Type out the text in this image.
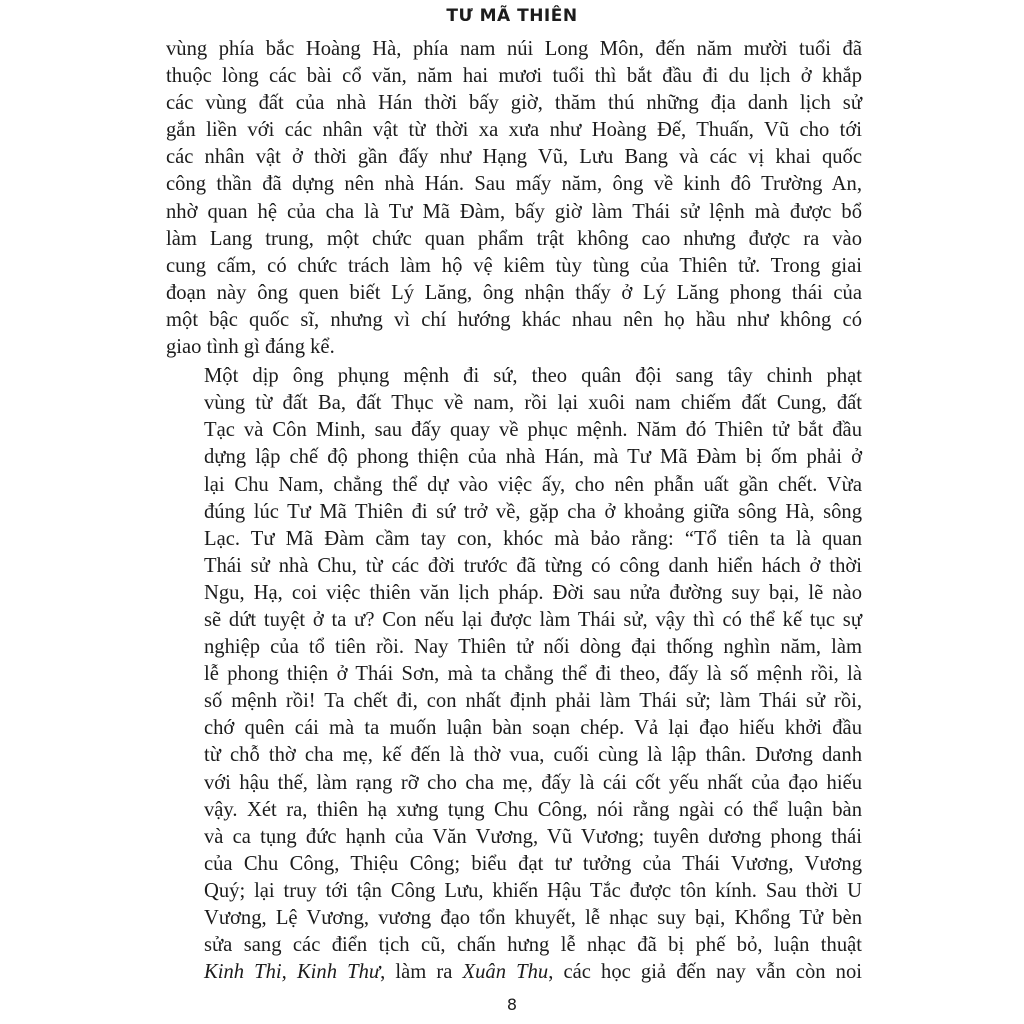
TƯ MÃ THIÊN

vùng phía bắc Hoàng Hà, phía nam núi Long Môn, đến năm mười tuổi đã
thuộc lòng các bài cổ văn, năm hai mươi tuổi thì bắt đầu đi du lịch ở khắp
các vùng đất của nhà Hán thời bấy giờ, thăm thú những địa danh lịch sử
gắn liền với các nhân vật từ thời xa xưa như Hoàng Đế, Thuấn, Vũ cho tới
các nhân vật ở thời gần đấy như Hạng Vũ, Lưu Bang và các vị khai quốc
công thần đã dựng nên nhà Hán. Sau mấy năm, ông về kinh đô Trường An,
nhờ quan hệ của cha là Tư Mã Đàm, bấy giờ làm Thái sử lệnh mà được bổ
làm Lang trung, một chức quan phẩm trật không cao nhưng được ra vào
cung cấm, có chức trách làm hộ vệ kiêm tùy tùng của Thiên tử. Trong giai
đoạn này ông quen biết Lý Lăng, ông nhận thấy ở Lý Lăng phong thái của
một bậc quốc sĩ, nhưng vì chí hướng khác nhau nên họ hầu như không có
giao tình gì đáng kể.

Một dịp ông phụng mệnh đi sứ, theo quân đội sang tây chinh phạt
vùng từ đất Ba, đất Thục về nam, rồi lại xuôi nam chiếm đất Cung, đất
Tạc và Côn Minh, sau đấy quay về phục mệnh. Năm đó Thiên tử bắt đầu
dựng lập chế độ phong thiện của nhà Hán, mà Tư Mã Đàm bị ốm phải ở
lại Chu Nam, chẳng thể dự vào việc ấy, cho nên phẫn uất gần chết. Vừa
đúng lúc Tư Mã Thiên đi sứ trở về, gặp cha ở khoảng giữa sông Hà, sông
Lạc. Tư Mã Đàm cầm tay con, khóc mà bảo rằng: “Tổ tiên ta là quan
Thái sử nhà Chu, từ các đời trước đã từng có công danh hiển hách ở thời
Ngu, Hạ, coi việc thiên văn lịch pháp. Đời sau nửa đường suy bại, lẽ nào
sẽ dứt tuyệt ở ta ư? Con nếu lại được làm Thái sử, vậy thì có thể kế tục sự
nghiệp của tổ tiên rồi. Nay Thiên tử nối dòng đại thống nghìn năm, làm
lễ phong thiện ở Thái Sơn, mà ta chẳng thể đi theo, đấy là số mệnh rồi, là
số mệnh rồi! Ta chết đi, con nhất định phải làm Thái sử; làm Thái sử rồi,
chớ quên cái mà ta muốn luận bàn soạn chép. Vả lại đạo hiếu khởi đầu
từ chỗ thờ cha mẹ, kế đến là thờ vua, cuối cùng là lập thân. Dương danh
với hậu thế, làm rạng rỡ cho cha mẹ, đấy là cái cốt yếu nhất của đạo hiếu
vậy. Xét ra, thiên hạ xưng tụng Chu Công, nói rằng ngài có thể luận bàn
và ca tụng đức hạnh của Văn Vương, Vũ Vương; tuyên dương phong thái
của Chu Công, Thiệu Công; biểu đạt tư tưởng của Thái Vương, Vương
Quý; lại truy tới tận Công Lưu, khiến Hậu Tắc được tôn kính. Sau thời U
Vương, Lệ Vương, vương đạo tổn khuyết, lễ nhạc suy bại, Khổng Tử bèn
sửa sang các điển tịch cũ, chấn hưng lễ nhạc đã bị phế bỏ, luận thuật
Kinh Thi, Kinh Thư, làm ra Xuân Thu, các học giả đến nay vẫn còn noi

8
